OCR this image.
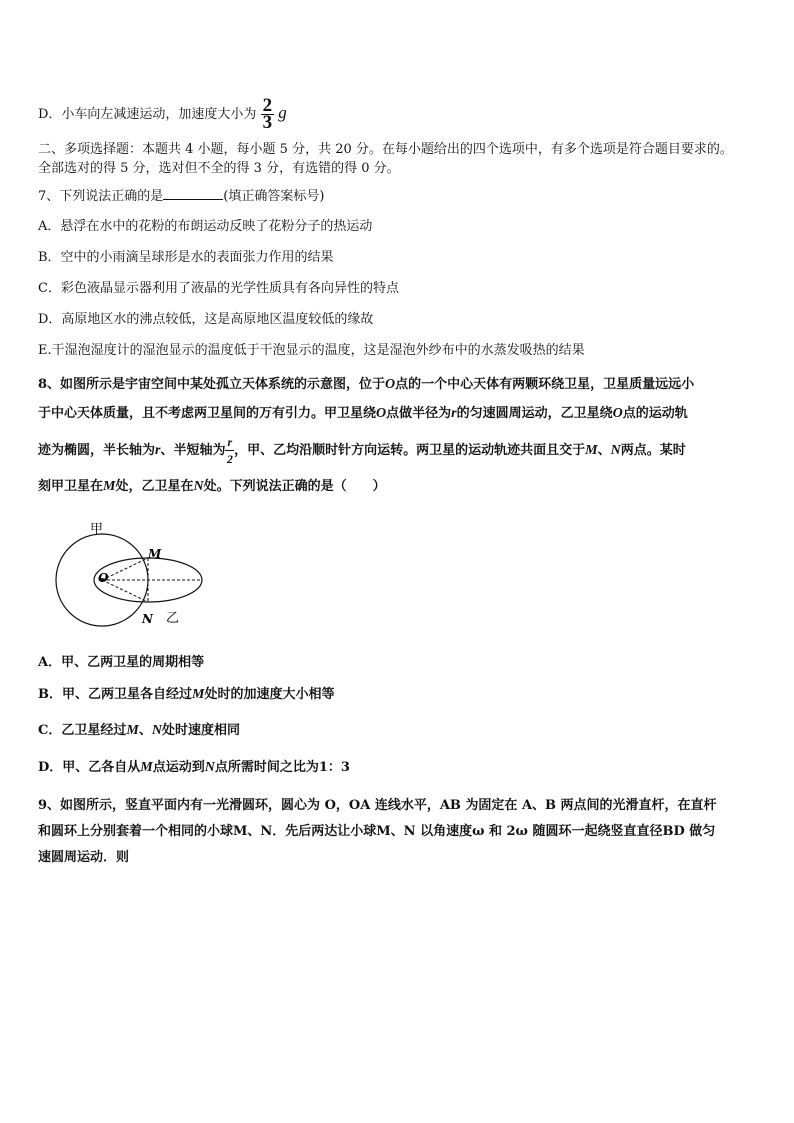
D．小车向左减速运动，加速度大小为 $\frac{2}{3}$ g
二、多项选择题：本题共 4 小题，每小题 5 分，共 20 分。在每小题给出的四个选项中，有多个选项是符合题目要求的。
全部选对的得 5 分，选对但不全的得 3 分，有选错的得 0 分。
7、下列说法正确的是	(填正确答案标号)
A．悬浮在水中的花粉的布朗运动反映了花粉分子的热运动
B．空中的小雨滴呈球形是水的表面张力作用的结果
C．彩色液晶显示器利用了液晶的光学性质具有各向异性的特点
D．高原地区水的沸点较低，这是高原地区温度较低的缘故
E.干湿泡湿度计的湿泡显示的温度低于干泡显示的温度，这是湿泡外纱布中的水蒸发吸热的结果
8、如图所示是宇宙空间中某处孤立天体系统的示意图，位于O点的一个中心天体有两颗环绕卫星，卫星质量远远小
于中心天体质量，且不考虑两卫星间的万有引力。甲卫星绕O点做半径为r的匀速圆周运动，乙卫星绕O点的运动轨
迹为椭圆，半长轴为r、半短轴为 $\frac{r}{2}$ ，甲、乙均沿顺时针方向运转。两卫星的运动轨迹共面且交于M、N两点。某时
刻甲卫星在M处，乙卫星在N处。下列说法正确的是（　　）
甲
O
M
N 乙
A．甲、乙两卫星的周期相等
B．甲、乙两卫星各自经过M处时的加速度大小相等
C．乙卫星经过M、N处时速度相同
D．甲、乙各自从M点运动到N点所需时间之比为1：3
9、如图所示，竖直平面内有一光滑圆环，圆心为 O，OA 连线水平，AB 为固定在 A、B 两点间的光滑直杆，在直杆
和圆环上分别套着一个相同的小球M、N．先后两达让小球M、N 以角速度ω 和 2ω 随圆环一起绕竖直直径BD 做匀
速圆周运动．则
